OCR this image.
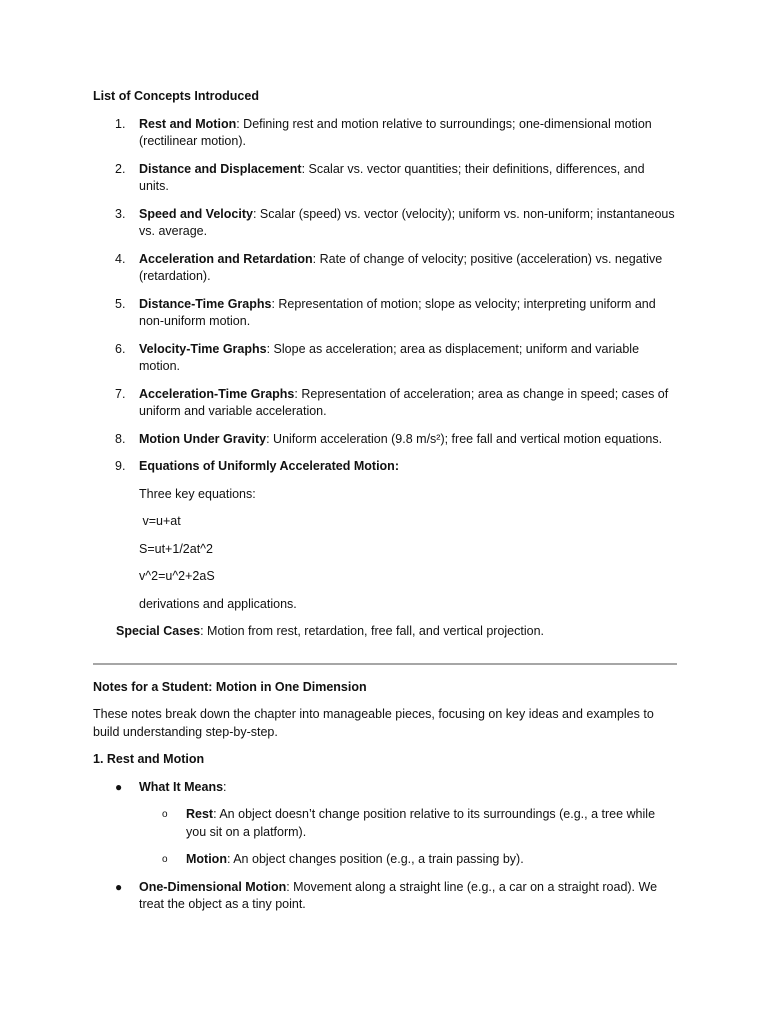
List of Concepts Introduced
1. Rest and Motion: Defining rest and motion relative to surroundings; one-dimensional motion (rectilinear motion).
2. Distance and Displacement: Scalar vs. vector quantities; their definitions, differences, and units.
3. Speed and Velocity: Scalar (speed) vs. vector (velocity); uniform vs. non-uniform; instantaneous vs. average.
4. Acceleration and Retardation: Rate of change of velocity; positive (acceleration) vs. negative (retardation).
5. Distance-Time Graphs: Representation of motion; slope as velocity; interpreting uniform and non-uniform motion.
6. Velocity-Time Graphs: Slope as acceleration; area as displacement; uniform and variable motion.
7. Acceleration-Time Graphs: Representation of acceleration; area as change in speed; cases of uniform and variable acceleration.
8. Motion Under Gravity: Uniform acceleration (9.8 m/s²); free fall and vertical motion equations.
9. Equations of Uniformly Accelerated Motion:
Three key equations:
v=u+at
S=ut+1/2at^2
v^2=u^2+2aS
derivations and applications.
Special Cases: Motion from rest, retardation, free fall, and vertical projection.
Notes for a Student: Motion in One Dimension
These notes break down the chapter into manageable pieces, focusing on key ideas and examples to build understanding step-by-step.
1. Rest and Motion
● What It Means:
o Rest: An object doesn’t change position relative to its surroundings (e.g., a tree while you sit on a platform).
o Motion: An object changes position (e.g., a train passing by).
● One-Dimensional Motion: Movement along a straight line (e.g., a car on a straight road). We treat the object as a tiny point.
